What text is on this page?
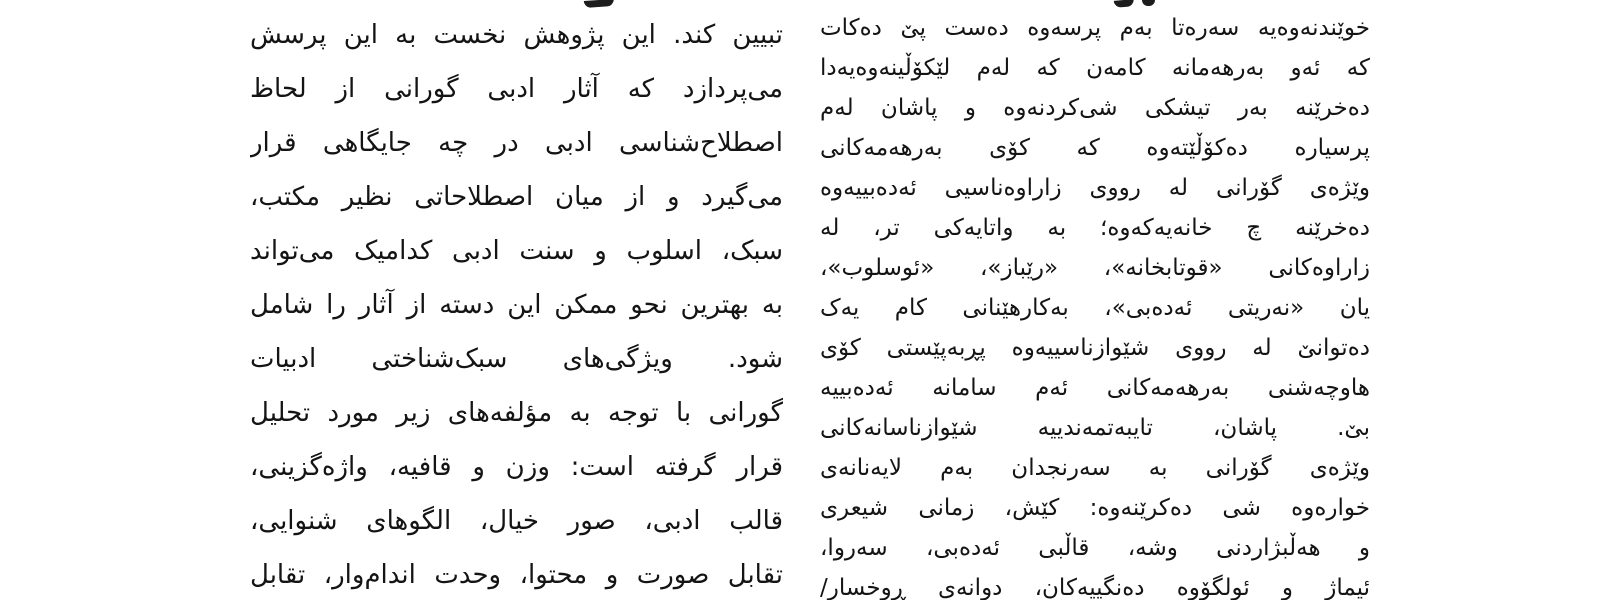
تبیین کند. این پژوهش نخست به این پرسش
می‌پردازد که آثار ادبی گورانی از لحاظ
اصطلاح‌شناسی ادبی در چه جایگاهی قرار
می‌گیرد و از میان اصطلاحاتی نظیر مکتب،
سبک، اسلوب و سنت ادبی کدامیک می‌تواند
به بهترین نحو ممکن این دسته از آثار را شامل
شود. ویژگی‌های سبک‌شناختی ادبیات
گورانی با توجه به مؤلفه‌های زیر مورد تحلیل
قرار گرفته است: وزن و قافیه، واژه‌گزینی،
قالب ادبی، صور خیال، الگوهای شنوایی،
تقابل صورت و محتوا، وحدت اندام‌وار، تقابل
خوێندنەوەیە سەرەتا بەم پرسەوە دەست پێ دەکات
کە ئەو بەرهەمانە کامەن کە لەم لێکۆڵینەوەیەدا
دەخرێنە بەر تیشکی شی‌کردنەوە و پاشان لەم
پرسیارە دەکۆڵێتەوە کە کۆی بەرهەمەکانی
وێژەی گۆرانی لە رووی زاراوەناسیی ئەدەبییەوە
دەخرێنە چ خانەیەکەوە؛ بە واتایەکی تر، لە
زاراوەکانی «قوتابخانە»، «رێباز»، «ئوسلوب»،
یان «نەریتی ئەدەبی»، بەکارهێنانی کام یەک
دەتوانێ لە رووی شێوازناسییەوە پڕبەپێستی کۆی
هاوچەشنی بەرهەمەکانی ئەم سامانە ئەدەبییە
بێ. پاشان، تایبەتمەندییە شێوازناسانەکانی
وێژەی گۆرانی بە سەرنجدان بەم لایەنانەی
خوارەوە شی دەکرێنەوە: کێش، زمانی شیعری
و هەڵبژاردنی وشە، قاڵبی ئەدەبی، سەروا،
ئیماژ و ئولگۆوە دەنگییەکان، دوانەی ڕوخسار/
